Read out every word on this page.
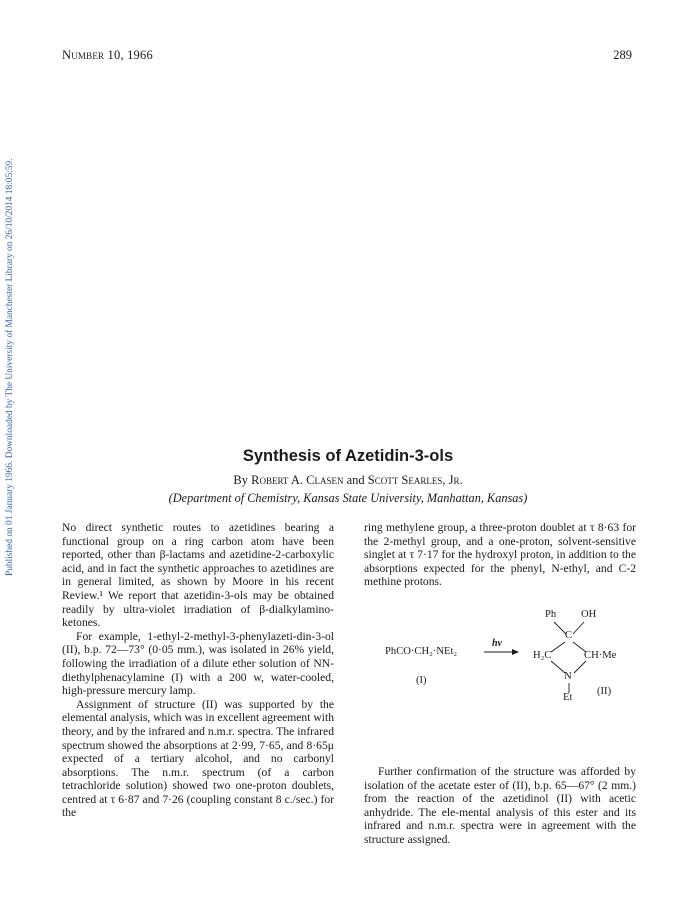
Number 10, 1966	289
Published on 01 January 1966. Downloaded by The University of Manchester Library on 26/10/2014 18:05:59.	Synthesis of Azetidin-3-ols
By Robert A. Clasen and Scott Searles, Jr.
(Department of Chemistry, Kansas State University, Manhattan, Kansas)

No direct synthetic routes to azetidines bearing a functional group on a ring carbon atom have been reported, other than β-lactams and azetidine-2-carboxylic acid, and in fact the synthetic approaches to azetidines are in general limited, as shown by Moore in his recent Review.¹ We report that azetidin-3-ols may be obtained readily by ultra-violet irradiation of β-dialkylamino-ketones.

For example, 1-ethyl-2-methyl-3-phenylazeti-din-3-ol (II), b.p. 72—73° (0·05 mm.), was isolated in 26% yield, following the irradiation of a dilute ether solution of NN-diethylphenacylamine (I) with a 200 w, water-cooled, high-pressure mercury lamp.

Assignment of structure (II) was supported by the elemental analysis, which was in excellent agreement with theory, and by the infrared and n.m.r. spectra. The infrared spectrum showed the absorptions at 2·99, 7·65, and 8·65μ expected of a tertiary alcohol, and no carbonyl absorptions. The n.m.r. spectrum (of a carbon tetrachloride solution) showed two one-proton doublets, centred at τ 6·87 and 7·26 (coupling constant 8 c./sec.) for the

ring methylene group, a three-proton doublet at τ 8·63 for the 2-methyl group, and a one-proton, solvent-sensitive singlet at τ 7·17 for the hydroxyl proton, in addition to the absorptions expected for the phenyl, N-ethyl, and C-2 methine protons.

PhCO·CH₂·NEt₂
(I)
hν
Ph OH
C
H₂C	CH·Me
N
Et
(II)

Further confirmation of the structure was afforded by isolation of the acetate ester of (II), b.p. 65—67° (2 mm.) from the reaction of the azetidinol (II) with acetic anhydride. The ele-mental analysis of this ester and its infrared and n.m.r. spectra were in agreement with the structure assigned.
